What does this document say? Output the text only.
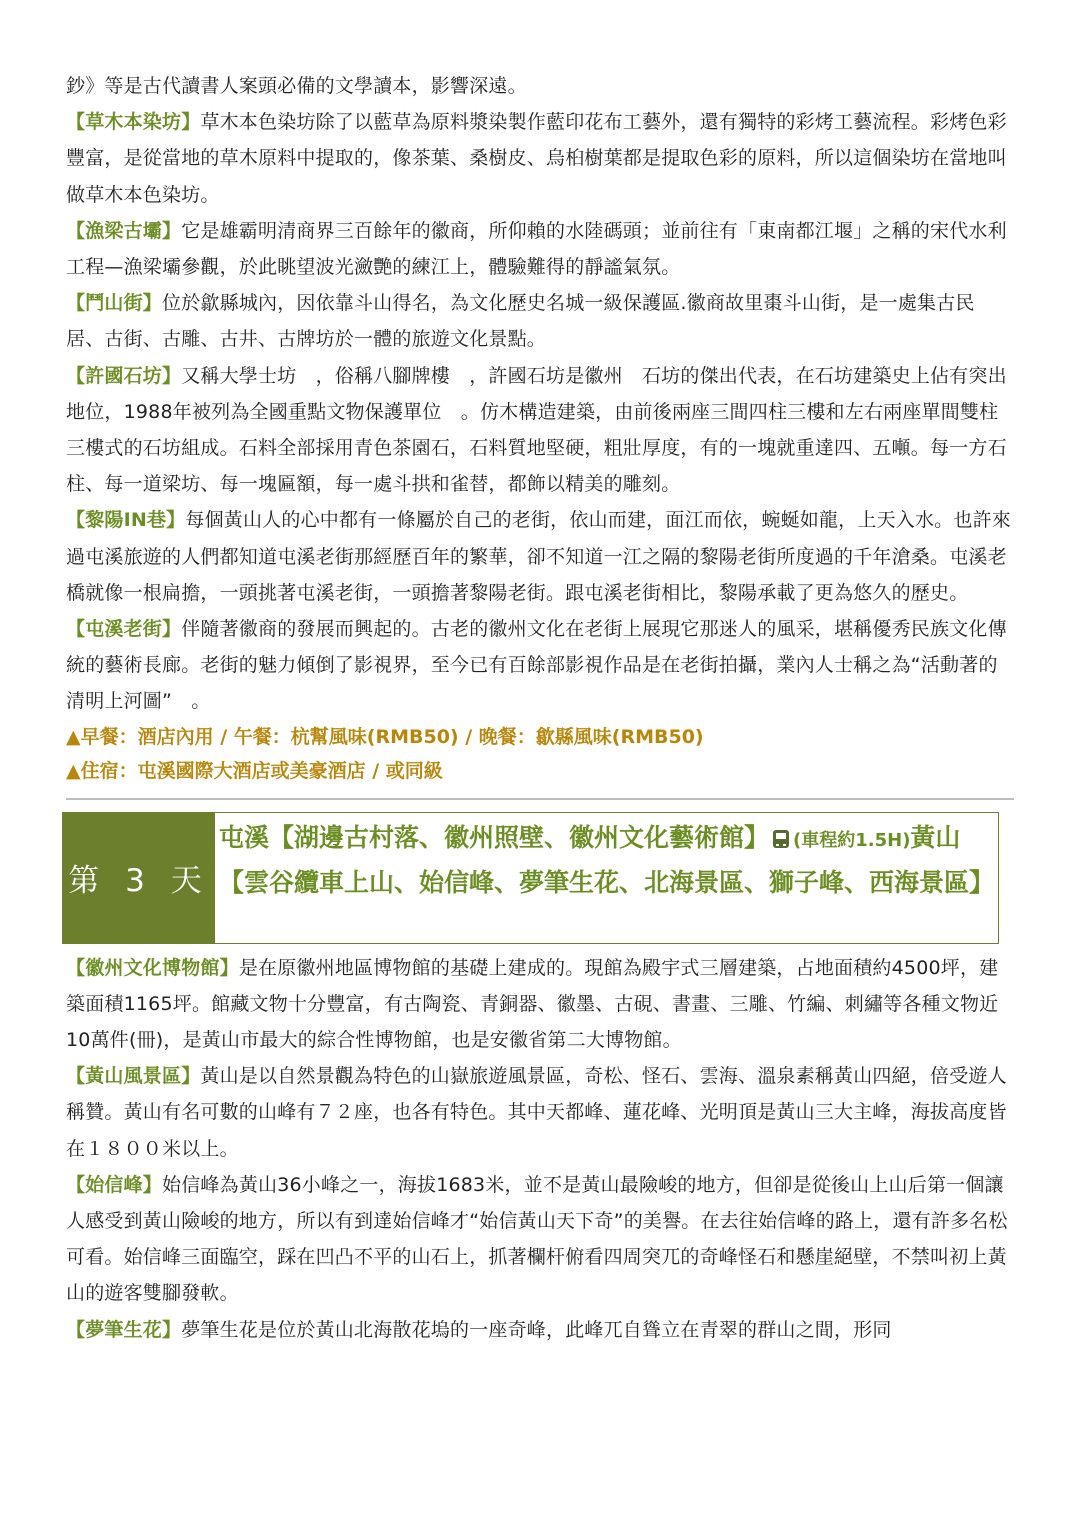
鈔》等是古代讀書人案頭必備的文學讀本，影響深遠。

【草木本染坊】草木本色染坊除了以藍草為原料漿染製作藍印花布工藝外，還有獨特的彩烤工藝流程。彩烤色彩豐富，是從當地的草木原料中提取的，像茶葉、桑樹皮、烏桕樹葉都是提取色彩的原料，所以這個染坊在當地叫做草木本色染坊。

【漁梁古壩】它是雄霸明清商界三百餘年的徽商，所仰賴的水陸碼頭；並前往有「東南都江堰」之稱的宋代水利工程—漁梁壩參觀，於此眺望波光瀲艷的練江上，體驗難得的靜謐氣氛。

【鬥山街】位於歙縣城內，因依靠斗山得名，為文化歷史名城一級保護區.徽商故里棗斗山街，是一處集古民居、古街、古雕、古井、古牌坊於一體的旅遊文化景點。

【許國石坊】又稱大學士坊　，俗稱八腳牌樓　，許國石坊是徽州　石坊的傑出代表，在石坊建築史上佔有突出地位，1988年被列為全國重點文物保護單位　。仿木構造建築，由前後兩座三間四柱三樓和左右兩座單間雙柱三樓式的石坊組成。石料全部採用青色茶園石，石料質地堅硬，粗壯厚度，有的一塊就重達四、五噸。每一方石柱、每一道梁坊、每一塊匾額，每一處斗拱和雀替，都飾以精美的雕刻。

【黎陽IN巷】每個黃山人的心中都有一條屬於自己的老街，依山而建，面江而依，蜿蜒如龍，上天入水。也許來過屯溪旅遊的人們都知道屯溪老街那經歷百年的繁華，卻不知道一江之隔的黎陽老街所度過的千年滄桑。屯溪老橋就像一根扁擔，一頭挑著屯溪老街，一頭擔著黎陽老街。跟屯溪老街相比，黎陽承載了更為悠久的歷史。

【屯溪老街】伴隨著徽商的發展而興起的。古老的徽州文化在老街上展現它那迷人的風采，堪稱優秀民族文化傳統的藝術長廊。老街的魅力傾倒了影視界，至今已有百餘部影視作品是在老街拍攝，業內人士稱之為“活動著的清明上河圖”　。

▲早餐：酒店內用 / 午餐：杭幫風味(RMB50) / 晚餐：歙縣風味(RMB50)

▲住宿：屯溪國際大酒店或美豪酒店 / 或同級

第 3 天
屯溪【湖邊古村落、徽州照壁、徽州文化藝術館】 (車程約1.5H)黃山【雲谷纜車上山、始信峰、夢筆生花、北海景區、獅子峰、西海景區】

【徽州文化博物館】是在原徽州地區博物館的基礎上建成的。現館為殿宇式三層建築，占地面積約4500坪，建築面積1165坪。館藏文物十分豐富，有古陶瓷、青銅器、徽墨、古硯、書畫、三雕、竹編、刺繡等各種文物近10萬件(冊)，是黃山市最大的綜合性博物館，也是安徽省第二大博物館。

【黃山風景區】黃山是以自然景觀為特色的山嶽旅遊風景區，奇松、怪石、雲海、溫泉素稱黃山四絕，倍受遊人稱贊。黃山有名可數的山峰有７２座，也各有特色。其中天都峰、蓮花峰、光明頂是黃山三大主峰，海拔高度皆在１８００米以上。

【始信峰】始信峰為黃山36小峰之一，海拔1683米，並不是黃山最險峻的地方，但卻是從後山上山后第一個讓人感受到黃山險峻的地方，所以有到達始信峰才“始信黃山天下奇”的美譽。在去往始信峰的路上，還有許多名松可看。始信峰三面臨空，踩在凹凸不平的山石上，抓著欄杆俯看四周突兀的奇峰怪石和懸崖絕壁，不禁叫初上黃山的遊客雙腳發軟。

【夢筆生花】夢筆生花是位於黃山北海散花塢的一座奇峰，此峰兀自聳立在青翠的群山之間，形同
